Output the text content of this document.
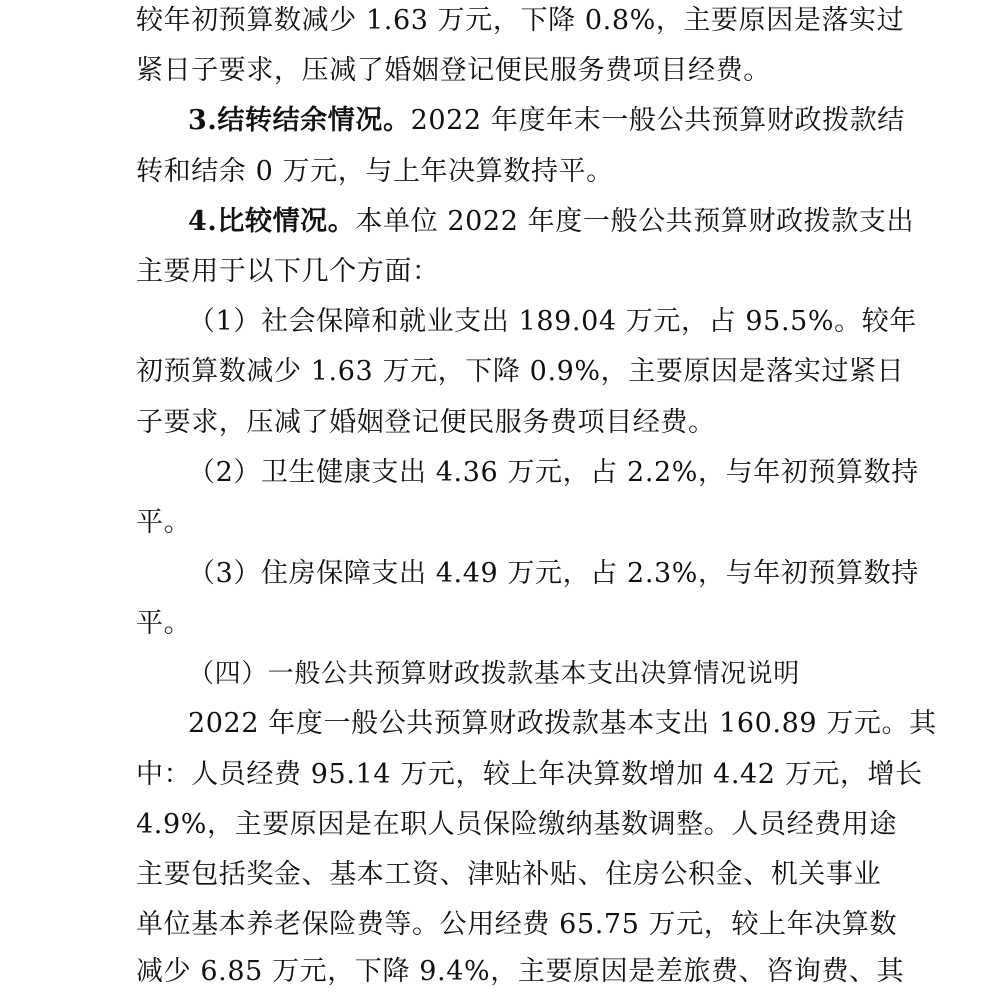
较年初预算数减少 1.63 万元，下降 0.8%，主要原因是落实过
紧日子要求，压减了婚姻登记便民服务费项目经费。
3.结转结余情况。2022 年度年末一般公共预算财政拨款结
转和结余 0 万元，与上年决算数持平。
4.比较情况。本单位 2022 年度一般公共预算财政拨款支出
主要用于以下几个方面：
（1）社会保障和就业支出 189.04 万元，占 95.5%。较年
初预算数减少 1.63 万元，下降 0.9%，主要原因是落实过紧日
子要求，压减了婚姻登记便民服务费项目经费。
（2）卫生健康支出 4.36 万元，占 2.2%，与年初预算数持
平。
（3）住房保障支出 4.49 万元，占 2.3%，与年初预算数持
平。
（四）一般公共预算财政拨款基本支出决算情况说明
2022 年度一般公共预算财政拨款基本支出 160.89 万元。其
中：人员经费 95.14 万元，较上年决算数增加 4.42 万元，增长
4.9%，主要原因是在职人员保险缴纳基数调整。人员经费用途
主要包括奖金、基本工资、津贴补贴、住房公积金、机关事业
单位基本养老保险费等。公用经费 65.75 万元，较上年决算数
减少 6.85 万元，下降 9.4%，主要原因是差旅费、咨询费、其
